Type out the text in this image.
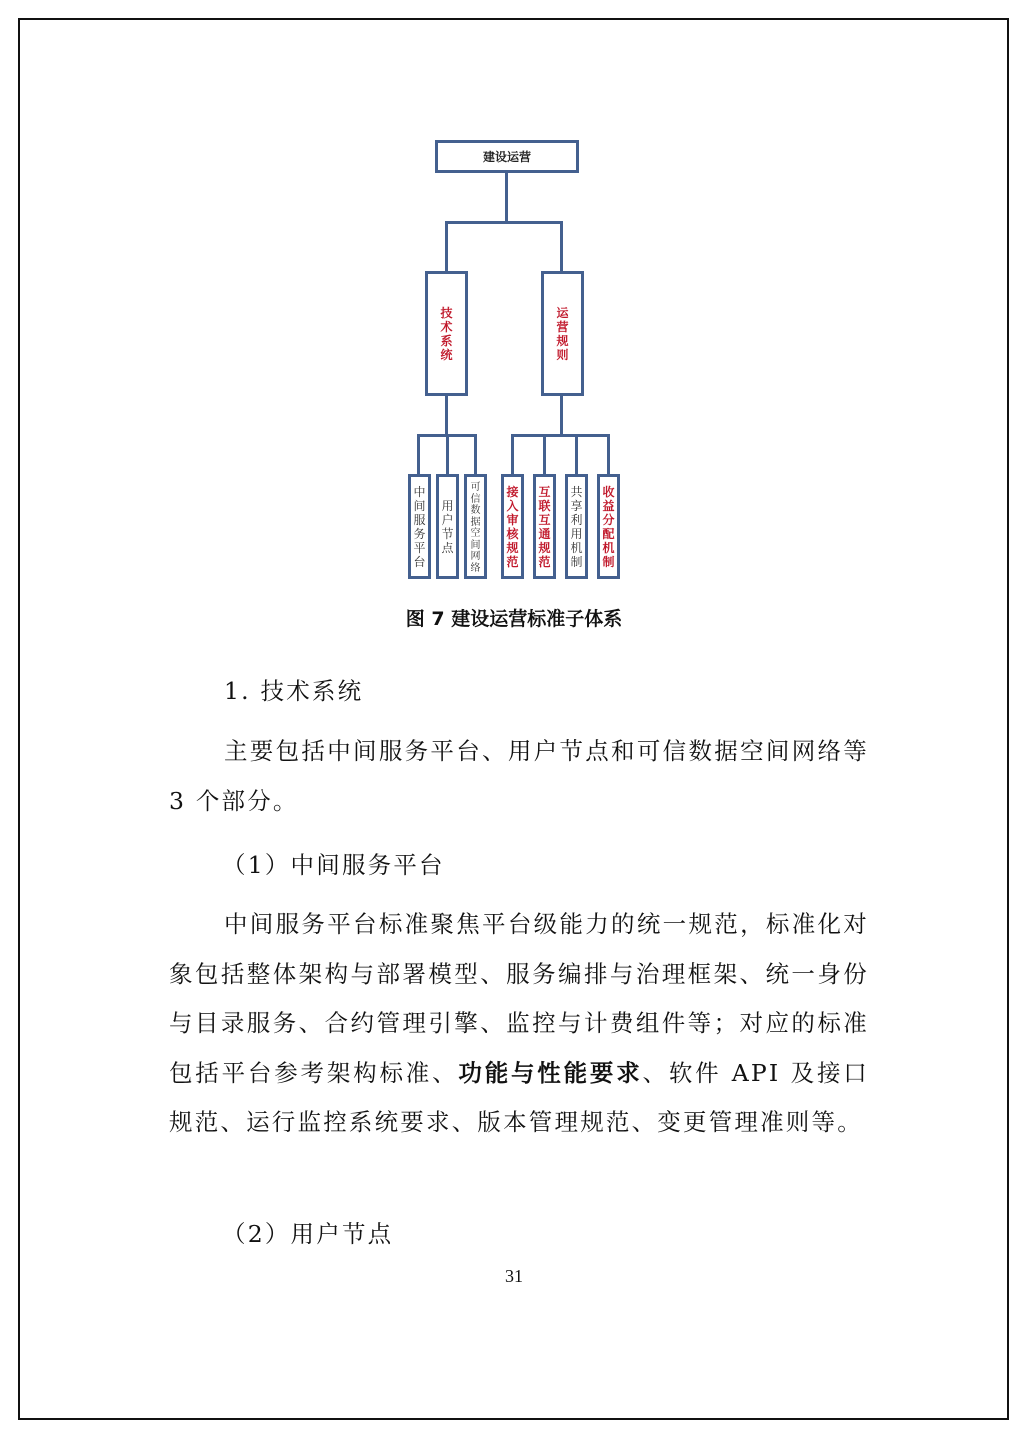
建设运营
技术系统
运营规则
中间服务平台
用户节点
可信数据空间网络
接入审核规范
互联互通规范
共享利用机制
收益分配机制
图 7 建设运营标准子体系
1. 技术系统
主要包括中间服务平台、用户节点和可信数据空间网络等 3 个部分。
（1）中间服务平台
中间服务平台标准聚焦平台级能力的统一规范，标准化对象包括整体架构与部署模型、服务编排与治理框架、统一身份与目录服务、合约管理引擎、监控与计费组件等；对应的标准包括平台参考架构标准、功能与性能要求、软件 API 及接口规范、运行监控系统要求、版本管理规范、变更管理准则等。
（2）用户节点
31
